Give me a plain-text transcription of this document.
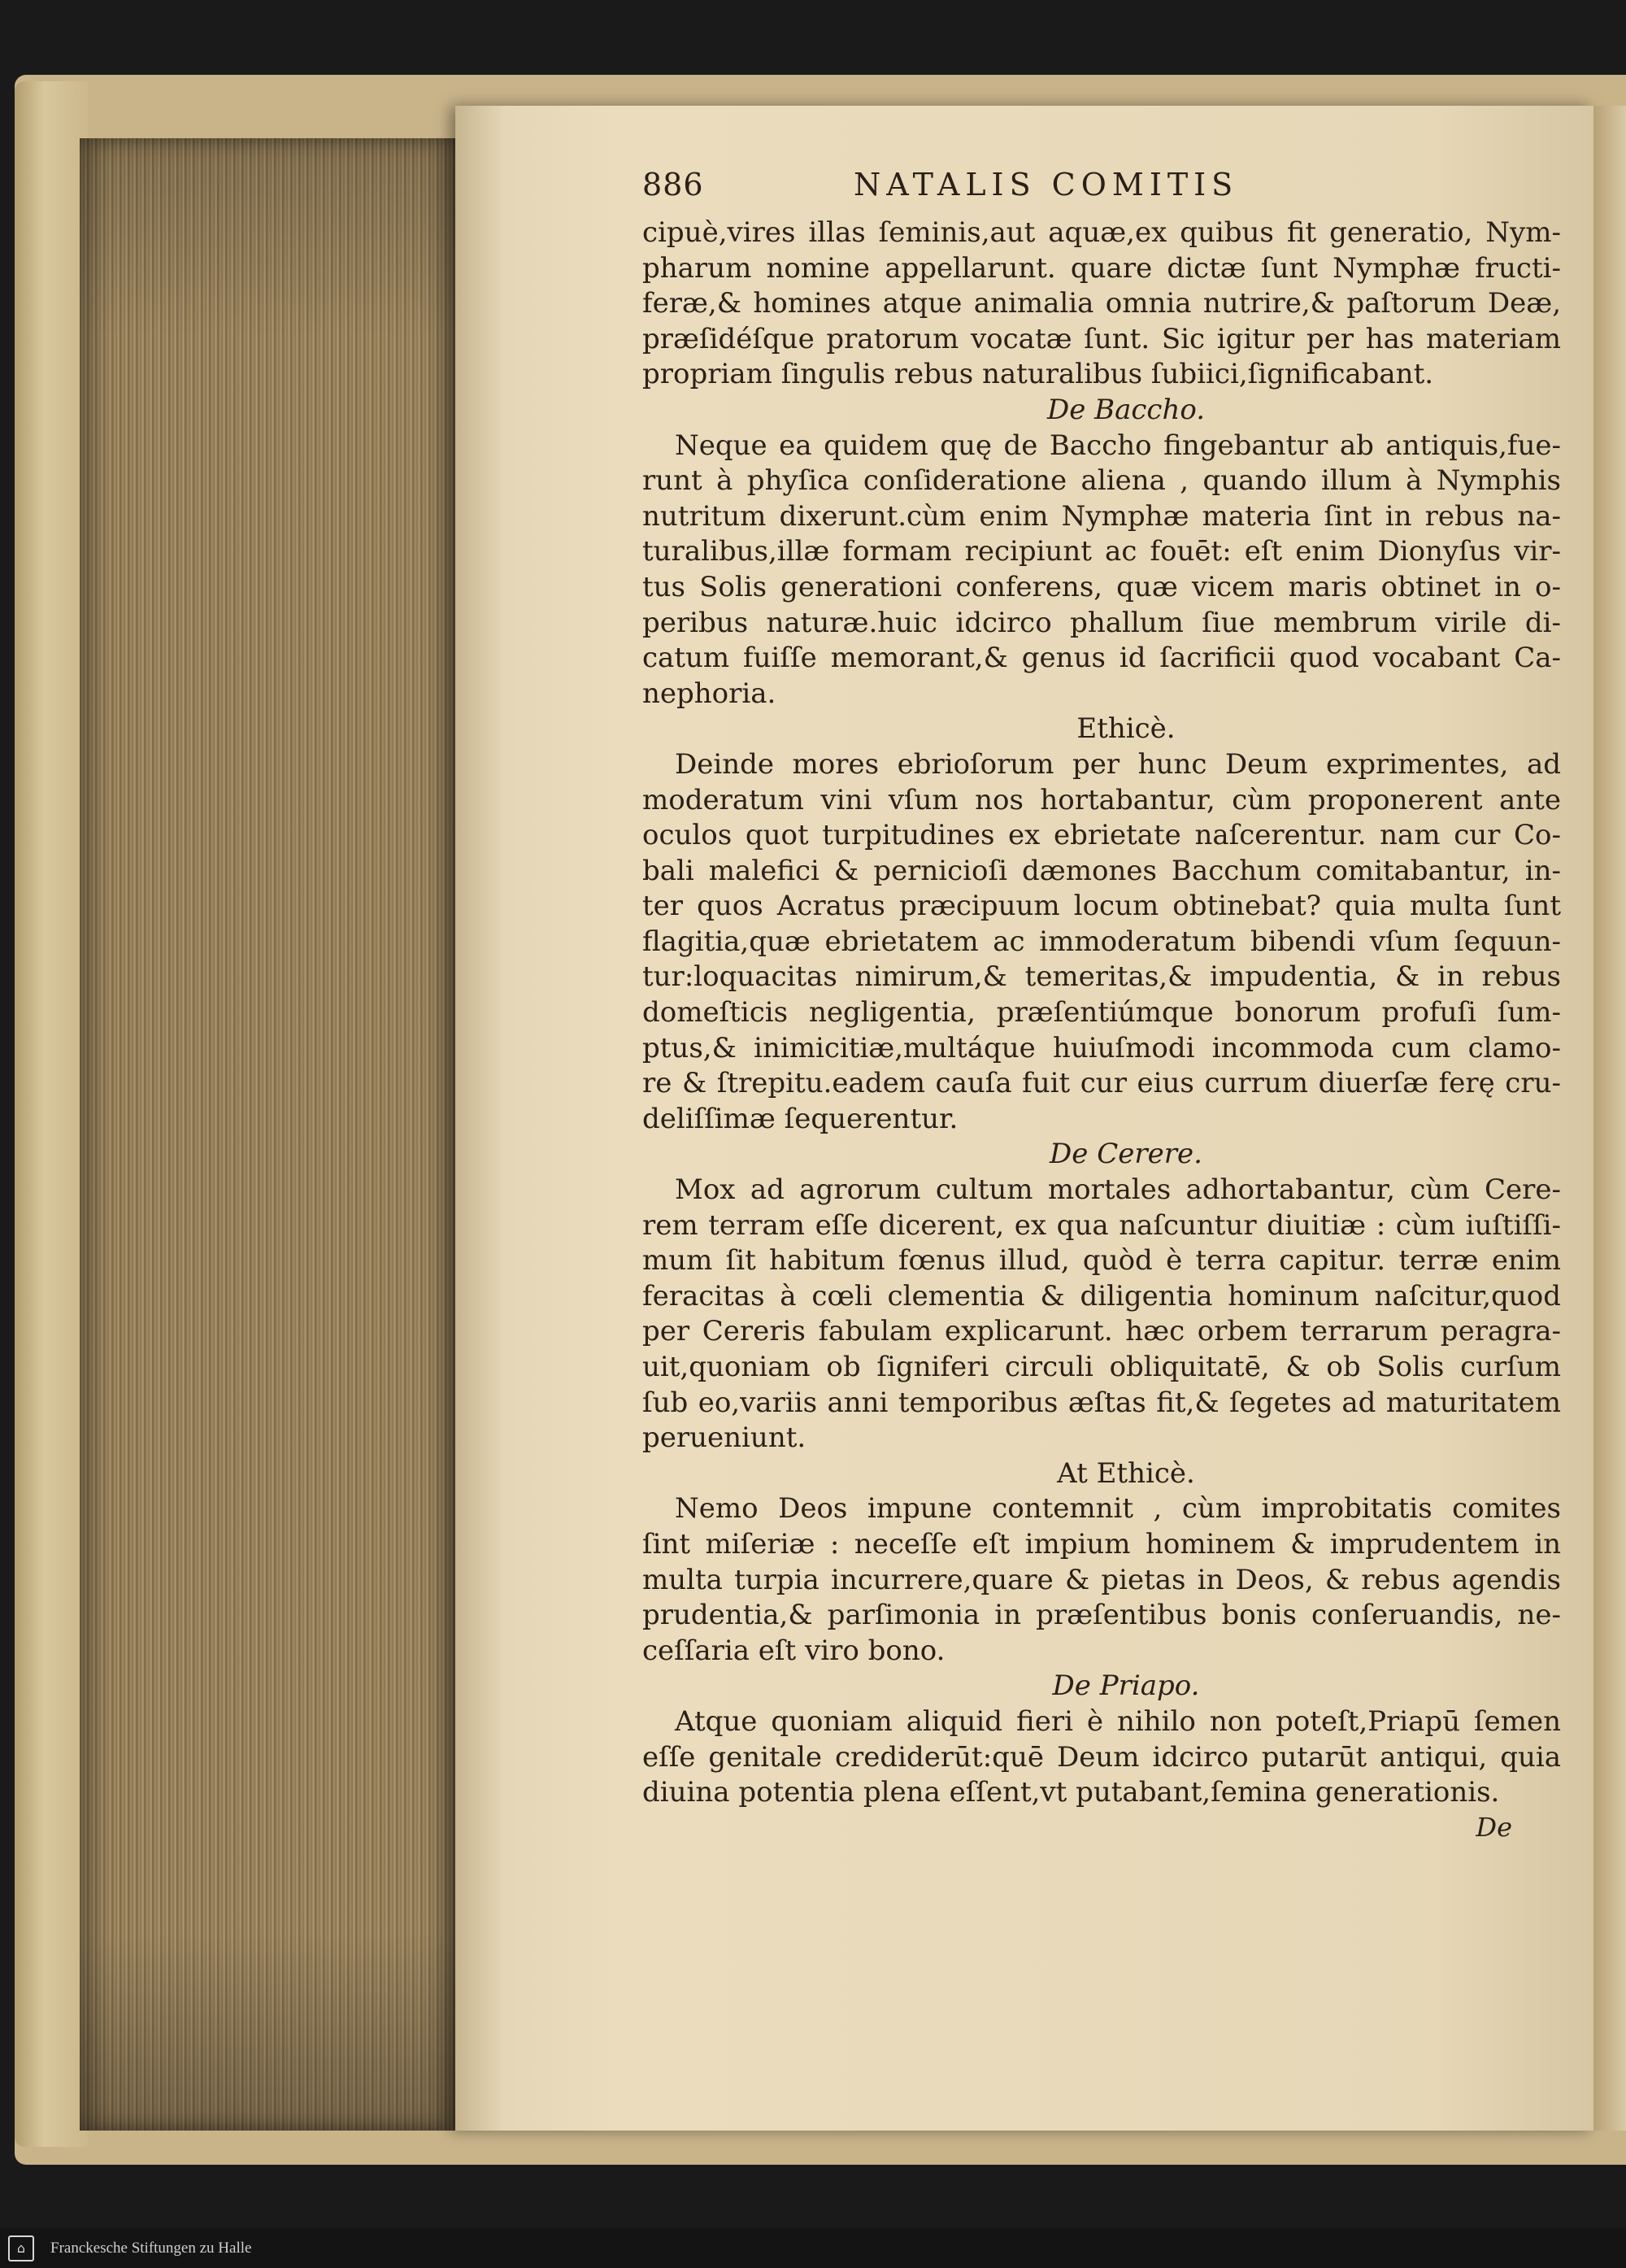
886	NATALIS COMITIS
cipuè,vires illas ſeminis,aut aquæ,ex quibus fit generatio, Nym-
pharum nomine appellarunt. quare dictæ ſunt Nymphæ fructi-
feræ,& homines atque animalia omnia nutrire,& paſtorum Deæ,
præſidéſque pratorum vocatæ ſunt. Sic igitur per has materiam
propriam ſingulis rebus naturalibus ſubiici,ſignificabant.
De Baccho.
Neque ea quidem quę de Baccho fingebantur ab antiquis,fue-
runt à phyſica conſideratione aliena , quando illum à Nymphis
nutritum dixerunt.cùm enim Nymphæ materia ſint in rebus na-
turalibus,illæ formam recipiunt ac fouēt: eſt enim Dionyſus vir-
tus Solis generationi conferens, quæ vicem maris obtinet in o-
peribus naturæ.huic idcirco phallum ſiue membrum virile di-
catum fuiſſe memorant,& genus id ſacrificii quod vocabant Ca-
nephoria.
Ethicè.
Deinde mores ebrioſorum per hunc Deum exprimentes, ad
moderatum vini vſum nos hortabantur, cùm proponerent ante
oculos quot turpitudines ex ebrietate naſcerentur. nam cur Co-
bali malefici & pernicioſi dæmones Bacchum comitabantur, in-
ter quos Acratus præcipuum locum obtinebat? quia multa ſunt
flagitia,quæ ebrietatem ac immoderatum bibendi vſum ſequun-
tur:loquacitas nimirum,& temeritas,& impudentia, & in rebus
domeſticis negligentia, præſentiúmque bonorum profuſi ſum-
ptus,& inimicitiæ,multáque huiuſmodi incommoda cum clamo-
re & ſtrepitu.eadem cauſa fuit cur eius currum diuerſæ ferę cru-
deliſſimæ ſequerentur.
De Cerere.
Mox ad agrorum cultum mortales adhortabantur, cùm Cere-
rem terram eſſe dicerent, ex qua naſcuntur diuitiæ : cùm iuſtiſſi-
mum ſit habitum fœnus illud, quòd è terra capitur. terræ enim
feracitas à cœli clementia & diligentia hominum naſcitur,quod
per Cereris fabulam explicarunt. hæc orbem terrarum peragra-
uit,quoniam ob ſigniferi circuli obliquitatē, & ob Solis curſum
ſub eo,variis anni temporibus æſtas fit,& ſegetes ad maturitatem
perueniunt.
At Ethicè.
Nemo Deos impune contemnit , cùm improbitatis comites
ſint miſeriæ : neceſſe eſt impium hominem & imprudentem in
multa turpia incurrere,quare & pietas in Deos, & rebus agendis
prudentia,& parſimonia in præſentibus bonis conſeruandis, ne-
ceſſaria eſt viro bono.
De Priapo.
Atque quoniam aliquid fieri è nihilo non poteſt,Priapū ſemen
eſſe genitale crediderūt:quē Deum idcirco putarūt antiqui, quia
diuina potentia plena eſſent,vt putabant,ſemina generationis.
De
⌂	Franckesche Stiftungen zu Halle
